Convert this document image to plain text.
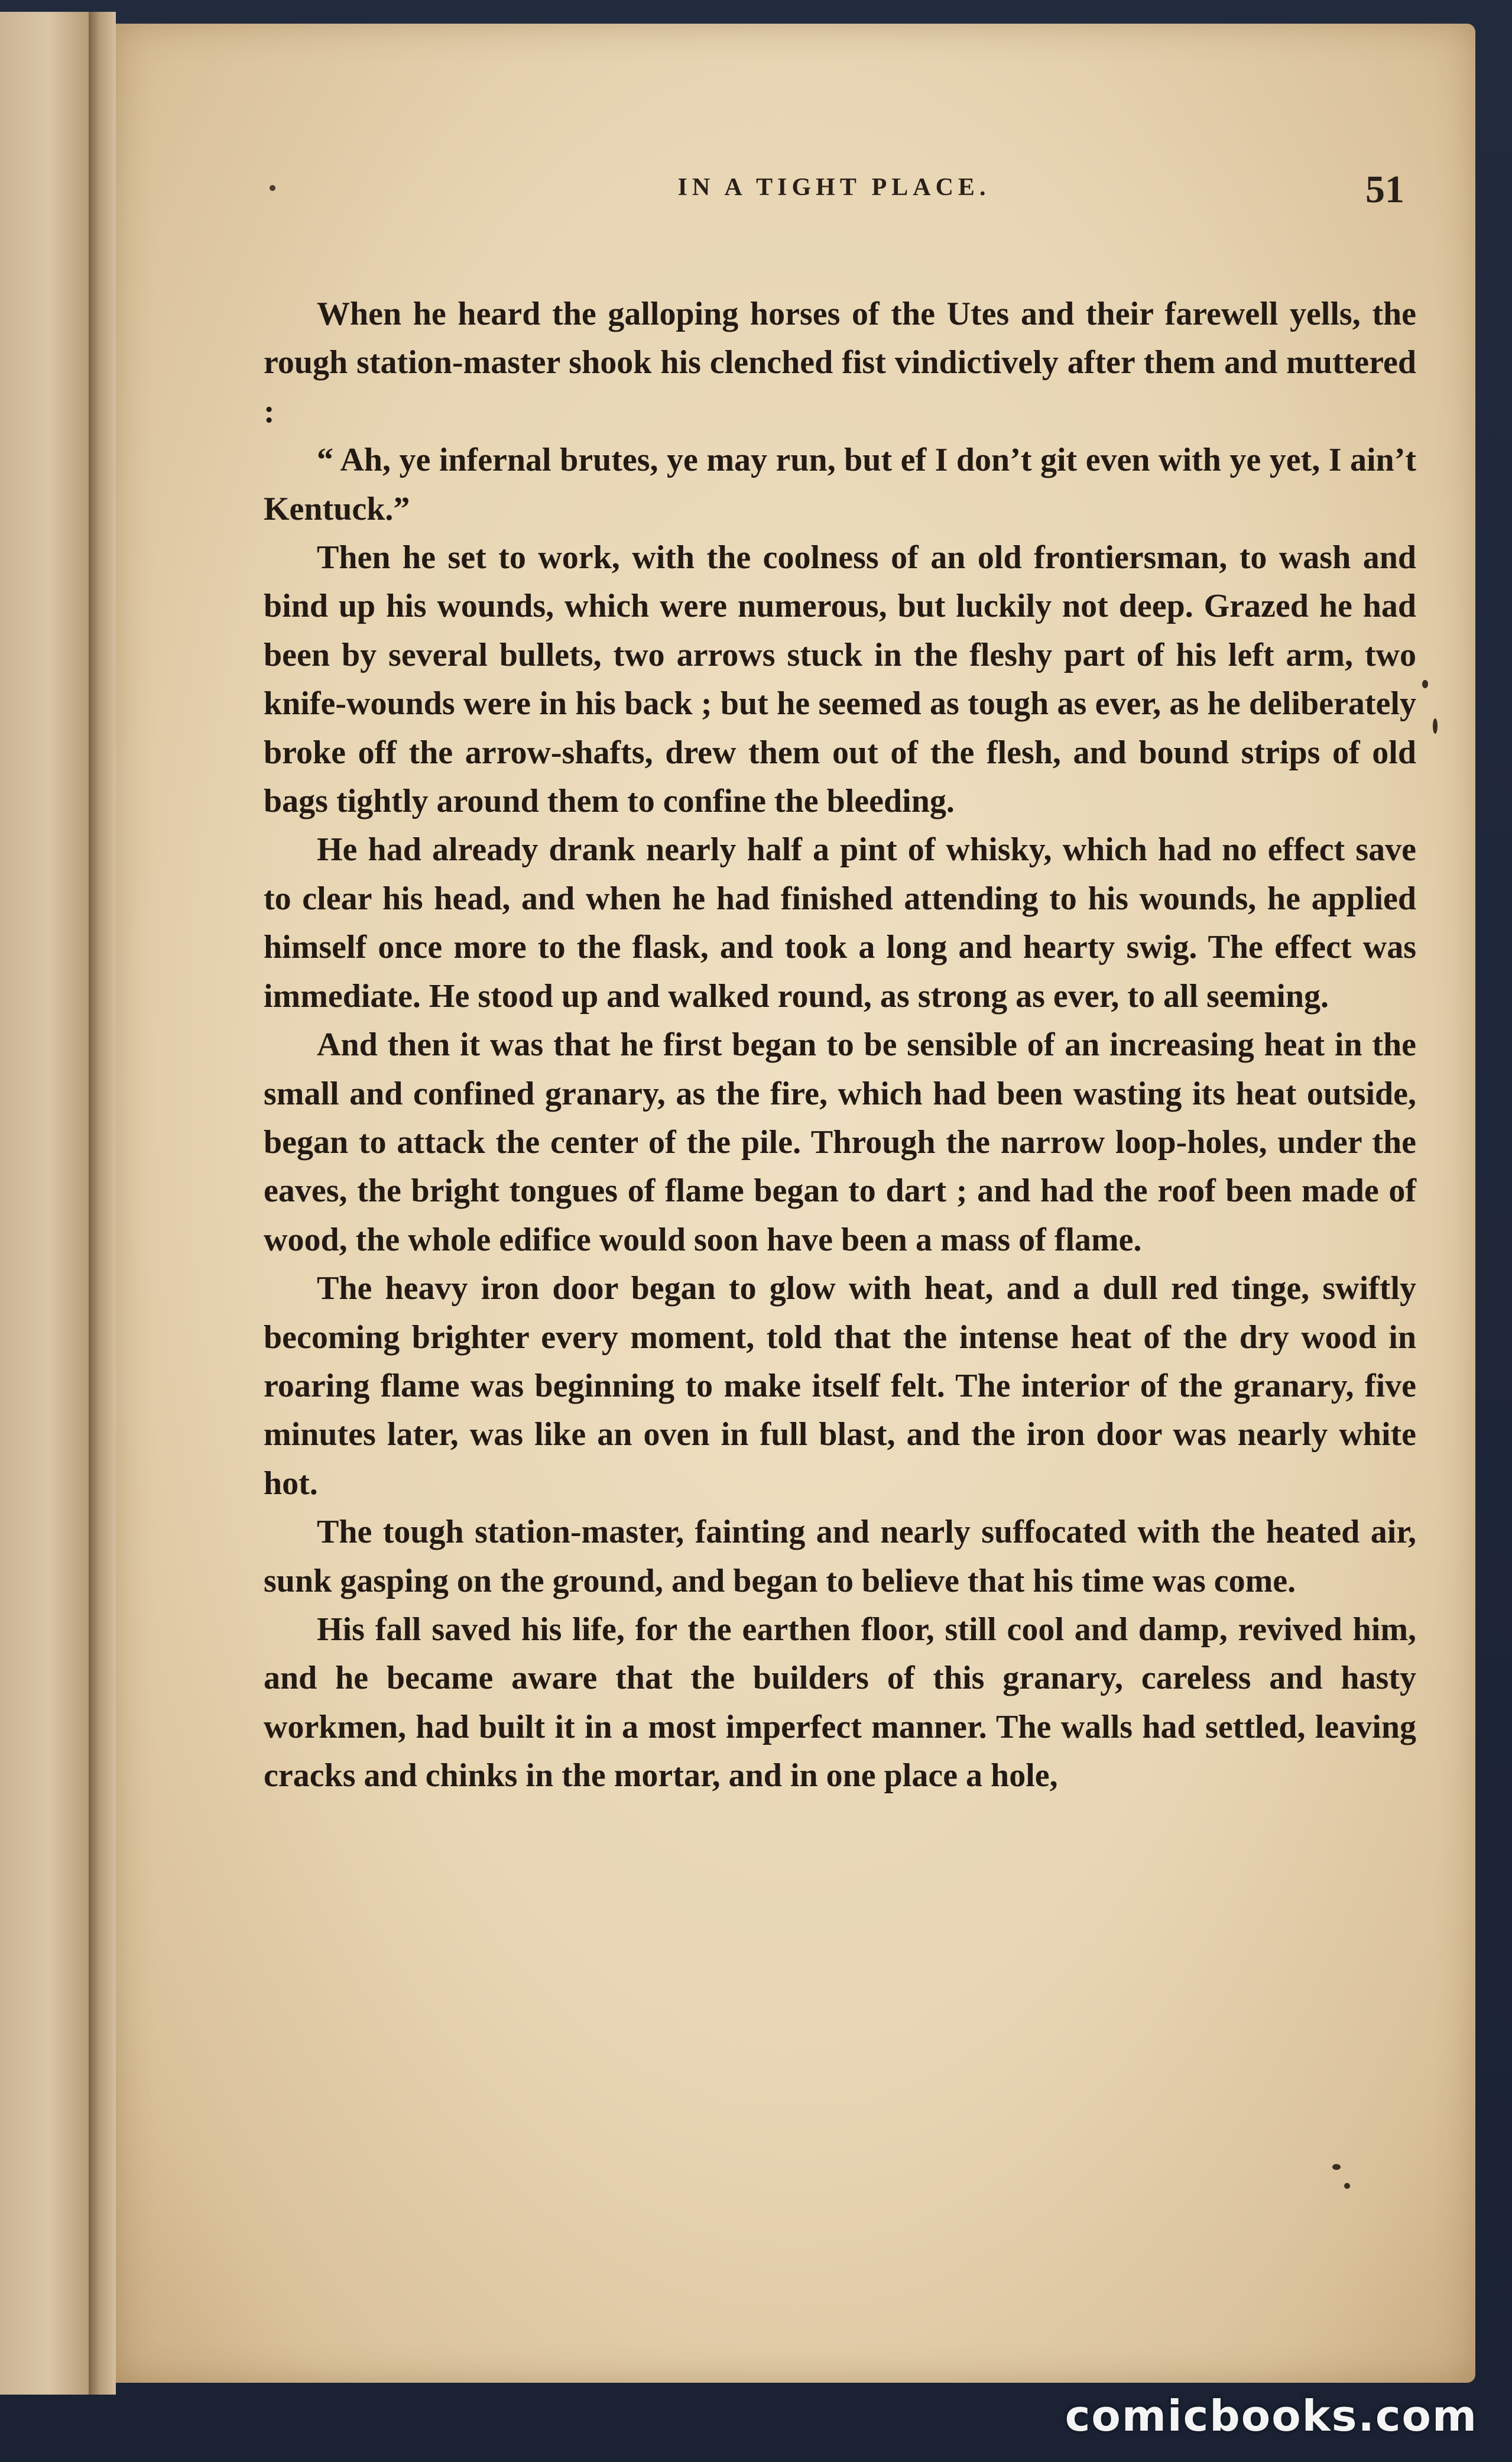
IN A TIGHT PLACE.	51

When he heard the galloping horses of the Utes and their farewell yells, the rough station-master shook his clenched fist vindictively after them and muttered :

“ Ah, ye infernal brutes, ye may run, but ef I don’t git even with ye yet, I ain’t Kentuck.”

Then he set to work, with the coolness of an old frontiersman, to wash and bind up his wounds, which were numerous, but luckily not deep. Grazed he had been by several bullets, two arrows stuck in the fleshy part of his left arm, two knife-wounds were in his back ; but he seemed as tough as ever, as he deliberately broke off the arrow-shafts, drew them out of the flesh, and bound strips of old bags tightly around them to confine the bleeding.

He had already drank nearly half a pint of whisky, which had no effect save to clear his head, and when he had finished attending to his wounds, he applied himself once more to the flask, and took a long and hearty swig. The effect was immediate. He stood up and walked round, as strong as ever, to all seeming.

And then it was that he first began to be sensible of an increasing heat in the small and confined granary, as the fire, which had been wasting its heat outside, began to attack the center of the pile. Through the narrow loop-holes, under the eaves, the bright tongues of flame began to dart ; and had the roof been made of wood, the whole edifice would soon have been a mass of flame.

The heavy iron door began to glow with heat, and a dull red tinge, swiftly becoming brighter every moment, told that the intense heat of the dry wood in roaring flame was beginning to make itself felt. The interior of the granary, five minutes later, was like an oven in full blast, and the iron door was nearly white hot.

The tough station-master, fainting and nearly suffocated with the heated air, sunk gasping on the ground, and began to believe that his time was come.

His fall saved his life, for the earthen floor, still cool and damp, revived him, and he became aware that the builders of this granary, careless and hasty workmen, had built it in a most imperfect manner. The walls had settled, leaving cracks and chinks in the mortar, and in one place a hole,

comicbooks.com
